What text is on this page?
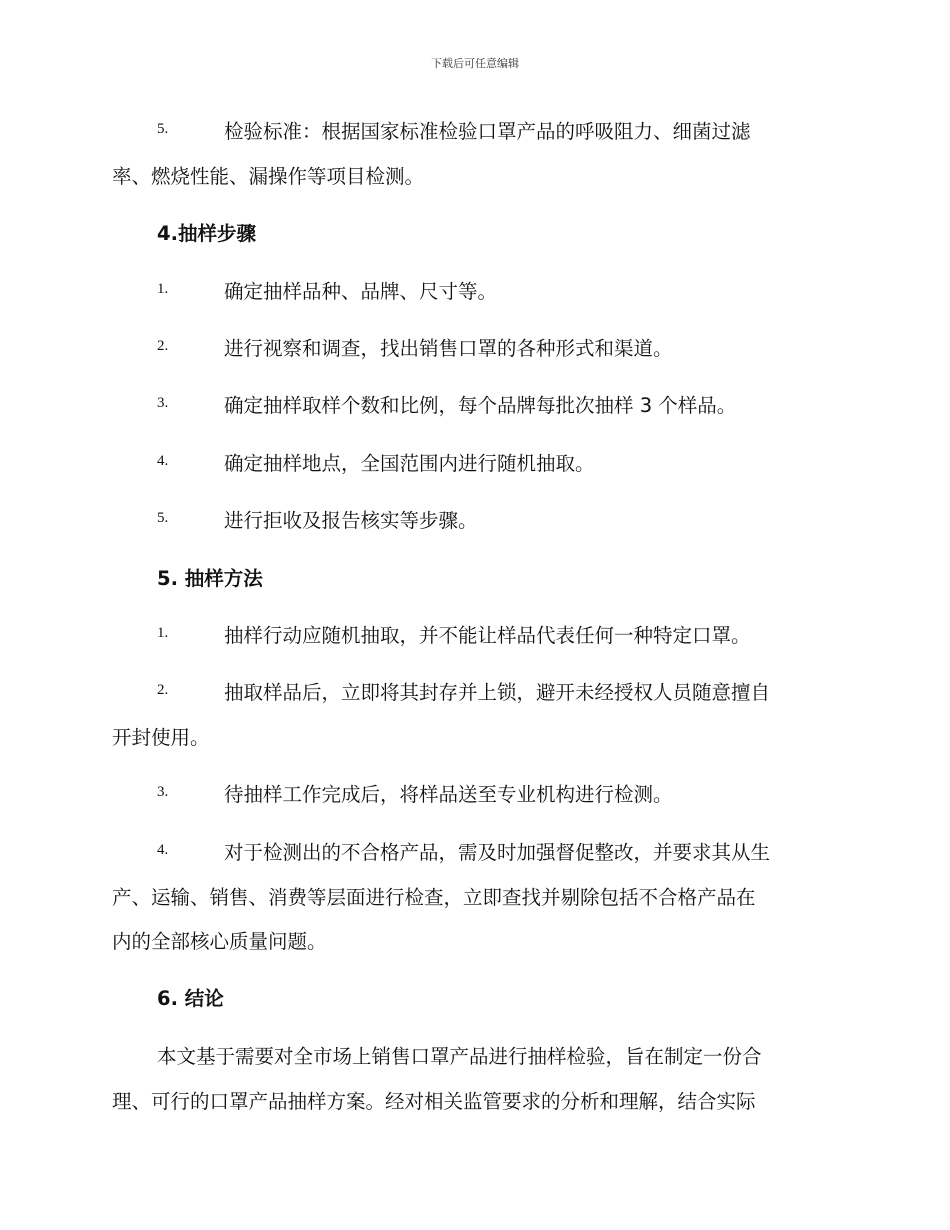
下载后可任意编辑
5.	检验标准：根据国家标准检验口罩产品的呼吸阻力、细菌过滤
率、燃烧性能、漏操作等项目检测。
4.抽样步骤
1.	确定抽样品种、品牌、尺寸等。
2.	进行视察和调查，找出销售口罩的各种形式和渠道。
3.	确定抽样取样个数和比例，每个品牌每批次抽样 3 个样品。
4.	确定抽样地点，全国范围内进行随机抽取。
5.	进行拒收及报告核实等步骤。
5. 抽样方法
1.	抽样行动应随机抽取，并不能让样品代表任何一种特定口罩。
2.	抽取样品后，立即将其封存并上锁，避开未经授权人员随意擅自
开封使用。
3.	待抽样工作完成后，将样品送至专业机构进行检测。
4.	对于检测出的不合格产品，需及时加强督促整改，并要求其从生
产、运输、销售、消费等层面进行检查，立即查找并剔除包括不合格产品在
内的全部核心质量问题。
6. 结论
本文基于需要对全市场上销售口罩产品进行抽样检验，旨在制定一份合
理、可行的口罩产品抽样方案。经对相关监管要求的分析和理解，结合实际
